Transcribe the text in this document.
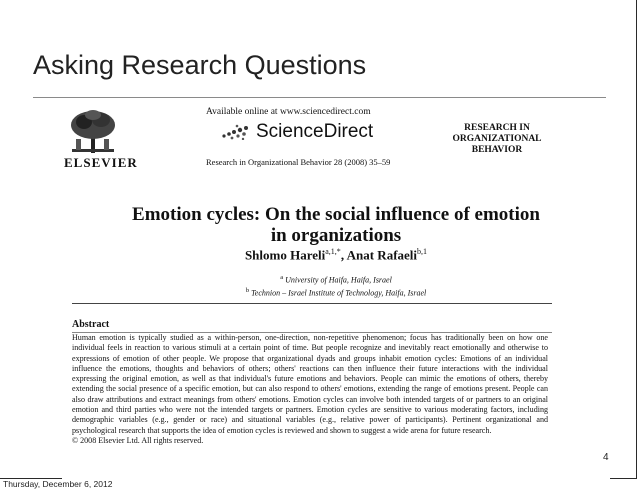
Asking Research Questions
ELSEVIER
Available online at www.sciencedirect.com
ScienceDirect
Research in Organizational Behavior 28 (2008) 35–59
RESEARCH IN
ORGANIZATIONAL
BEHAVIOR
Emotion cycles: On the social influence of emotion
in organizations
Shlomo Hareli$^{a,1,*}$, Anat Rafaeli$^{b,1}$
$^a$ University of Haifa, Haifa, Israel
$^b$ Technion – Israel Institute of Technology, Haifa, Israel
Abstract

Human emotion is typically studied as a within-person, one-direction, non-repetitive phenomenon; focus has traditionally been on how one individual feels in reaction to various stimuli at a certain point of time. But people recognize and inevitably react emotionally and otherwise to expressions of emotion of other people. We propose that organizational dyads and groups inhabit emotion cycles: Emotions of an individual influence the emotions, thoughts and behaviors of others; others' reactions can then influence their future interactions with the individual expressing the original emotion, as well as that individual's future emotions and behaviors. People can mimic the emotions of others, thereby extending the social presence of a specific emotion, but can also respond to others' emotions, extending the range of emotions present. People can also draw attributions and extract meanings from others' emotions. Emotion cycles can involve both intended targets of or partners to an original emotion and third parties who were not the intended targets or partners. Emotion cycles are sensitive to various moderating factors, including demographic variables (e.g., gender or race) and situational variables (e.g., relative power of participants). Pertinent organizational and psychological research that supports the idea of emotion cycles is reviewed and shown to suggest a wide arena for future research.

© 2008 Elsevier Ltd. All rights reserved.

4
Thursday, December 6, 2012
